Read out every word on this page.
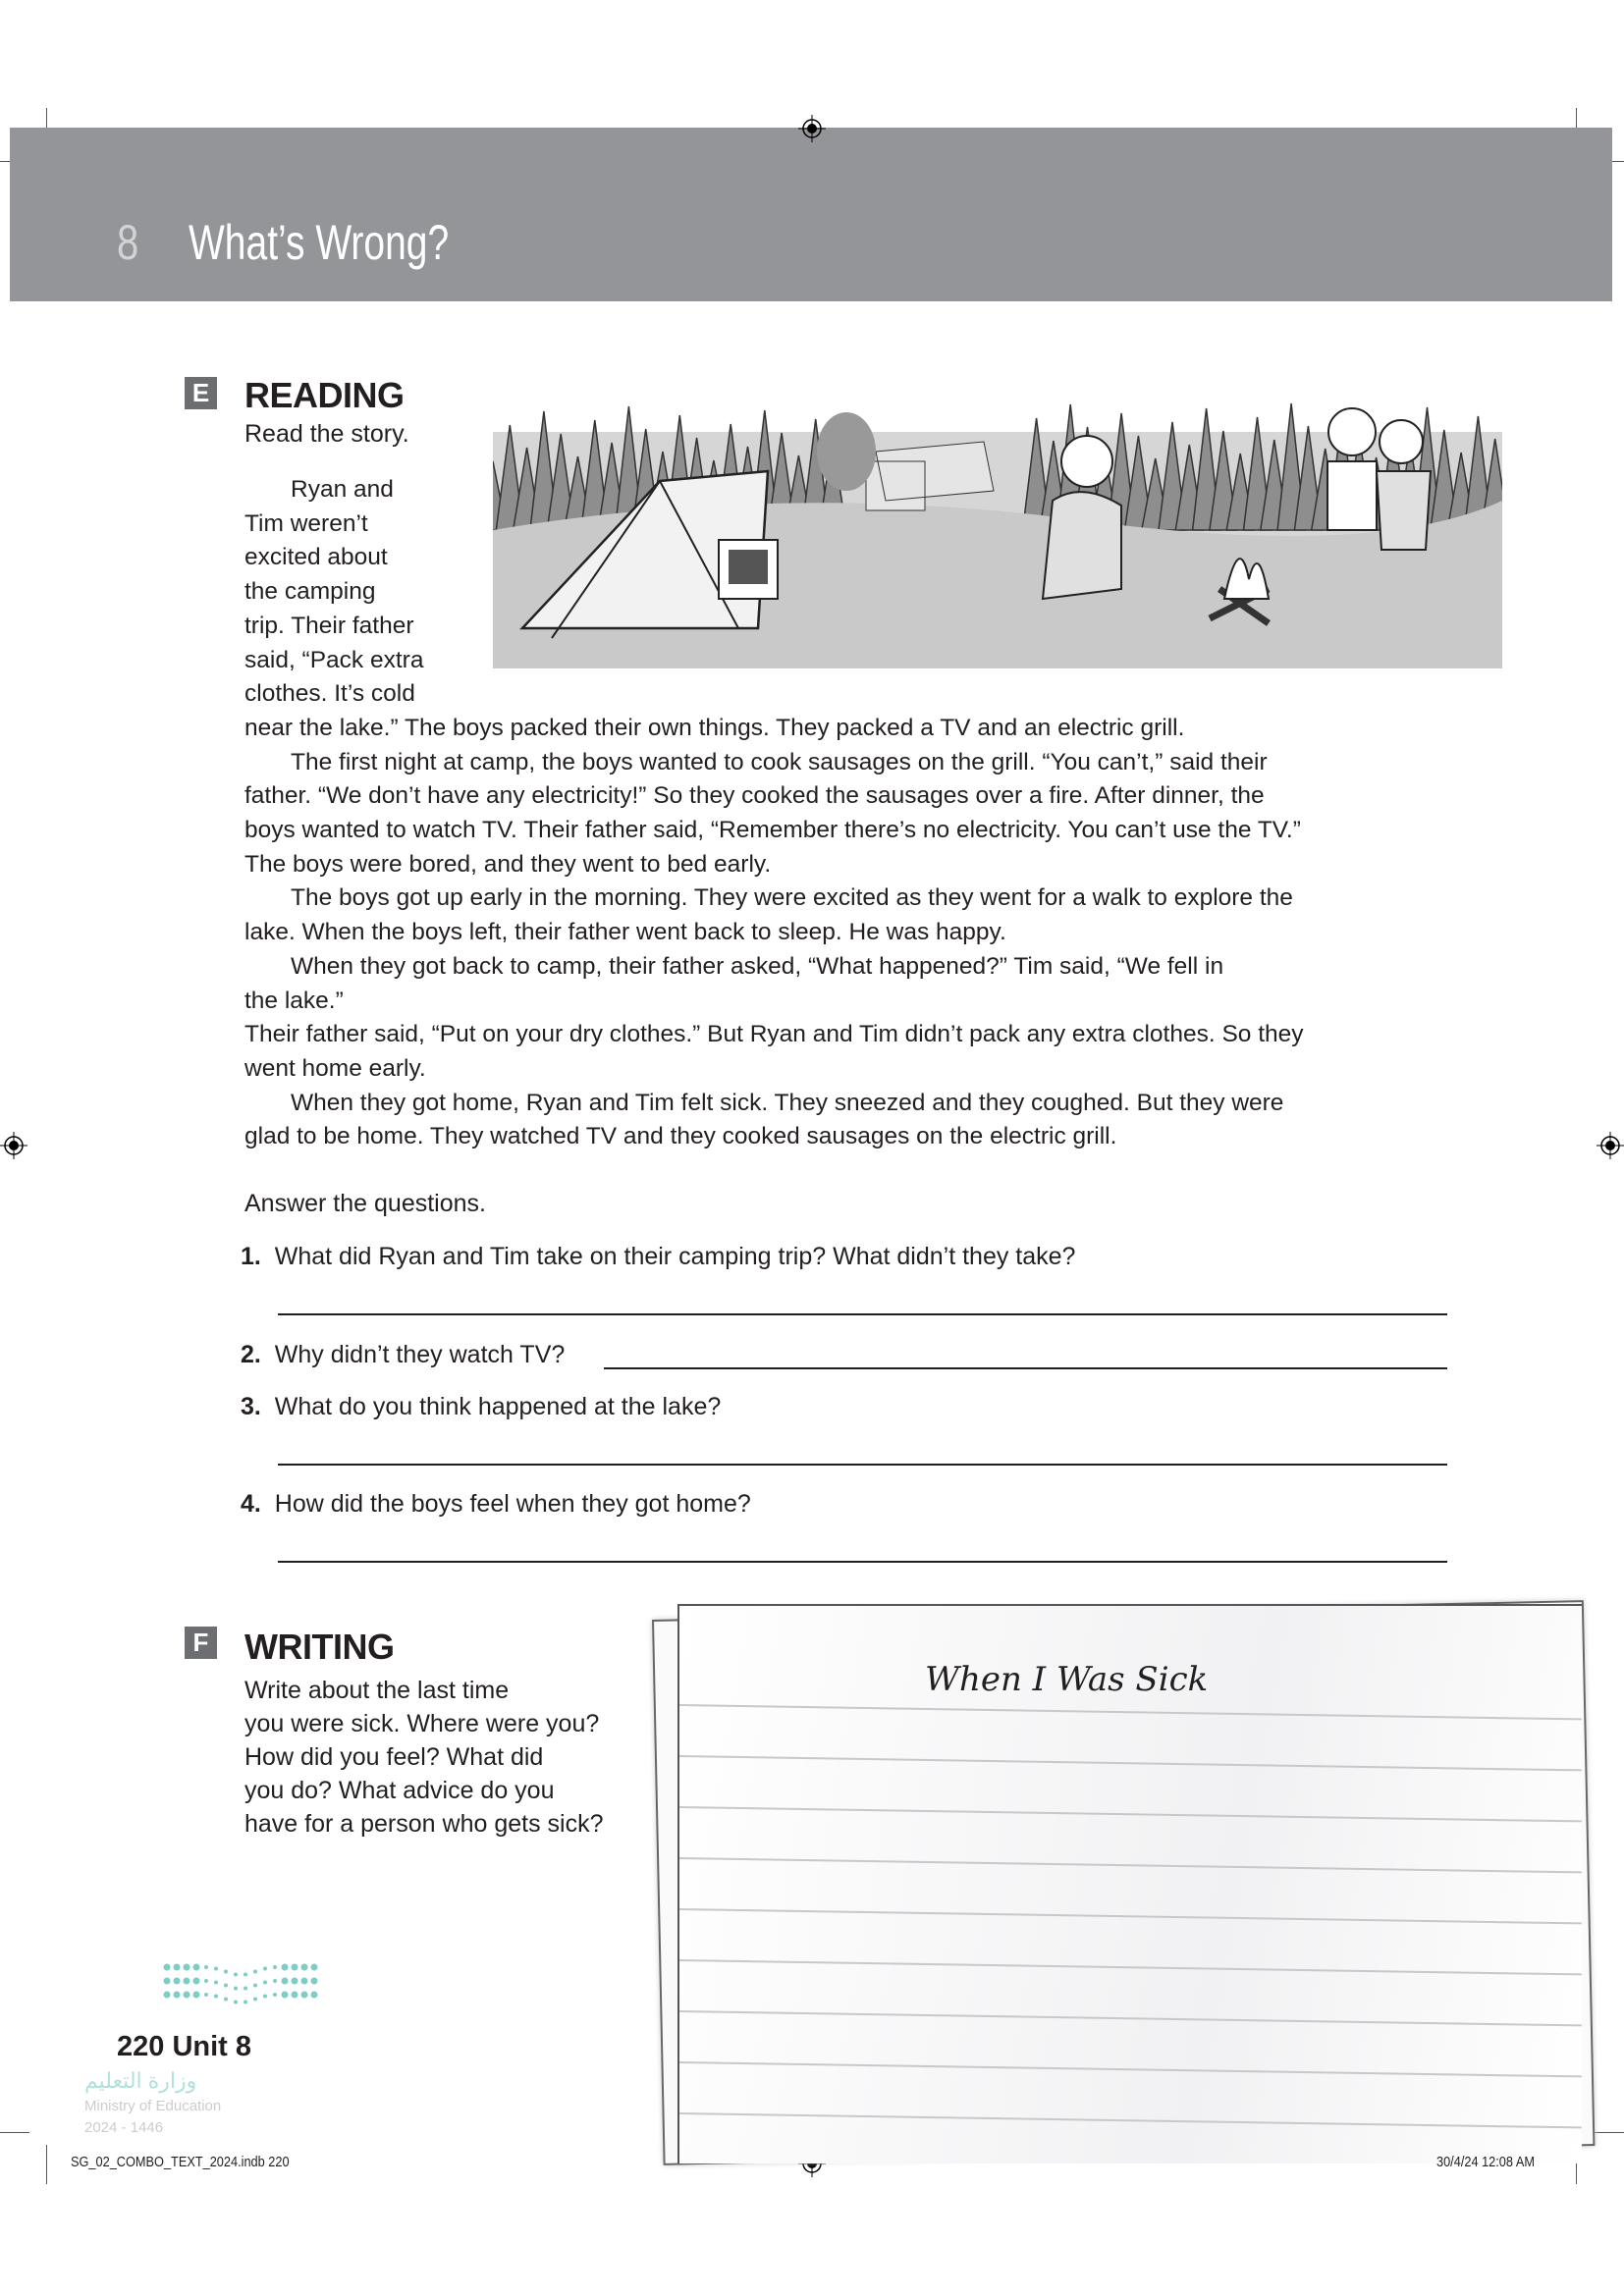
8 What’s Wrong?
E READING
Read the story.
Ryan and
Tim weren’t
excited about
the camping
trip. Their father
said, “Pack extra
clothes. It’s cold
near the lake.” The boys packed their own things. They packed a TV and an electric grill.
The first night at camp, the boys wanted to cook sausages on the grill. “You can’t,” said their
father. “We don’t have any electricity!” So they cooked the sausages over a fire. After dinner, the
boys wanted to watch TV. Their father said, “Remember there’s no electricity. You can’t use the TV.”
The boys were bored, and they went to bed early.
The boys got up early in the morning. They were excited as they went for a walk to explore the
lake. When the boys left, their father went back to sleep. He was happy.
When they got back to camp, their father asked, “What happened?” Tim said, “We fell in
the lake.”
Their father said, “Put on your dry clothes.” But Ryan and Tim didn’t pack any extra clothes. So they
went home early.
When they got home, Ryan and Tim felt sick. They sneezed and they coughed. But they were
glad to be home. They watched TV and they cooked sausages on the electric grill.
Answer the questions.
1. What did Ryan and Tim take on their camping trip? What didn’t they take?
2. Why didn’t they watch TV?
3. What do you think happened at the lake?
4. How did the boys feel when they got home?
F WRITING
Write about the last time
you were sick. Where were you?
How did you feel? What did
you do? What advice do you
have for a person who gets sick?
When I Was Sick
220 Unit 8
وزارة التعليم
Ministry of Education
2024 - 1446
SG_02_COMBO_TEXT_2024.indb 220	30/4/24 12:08 AM
